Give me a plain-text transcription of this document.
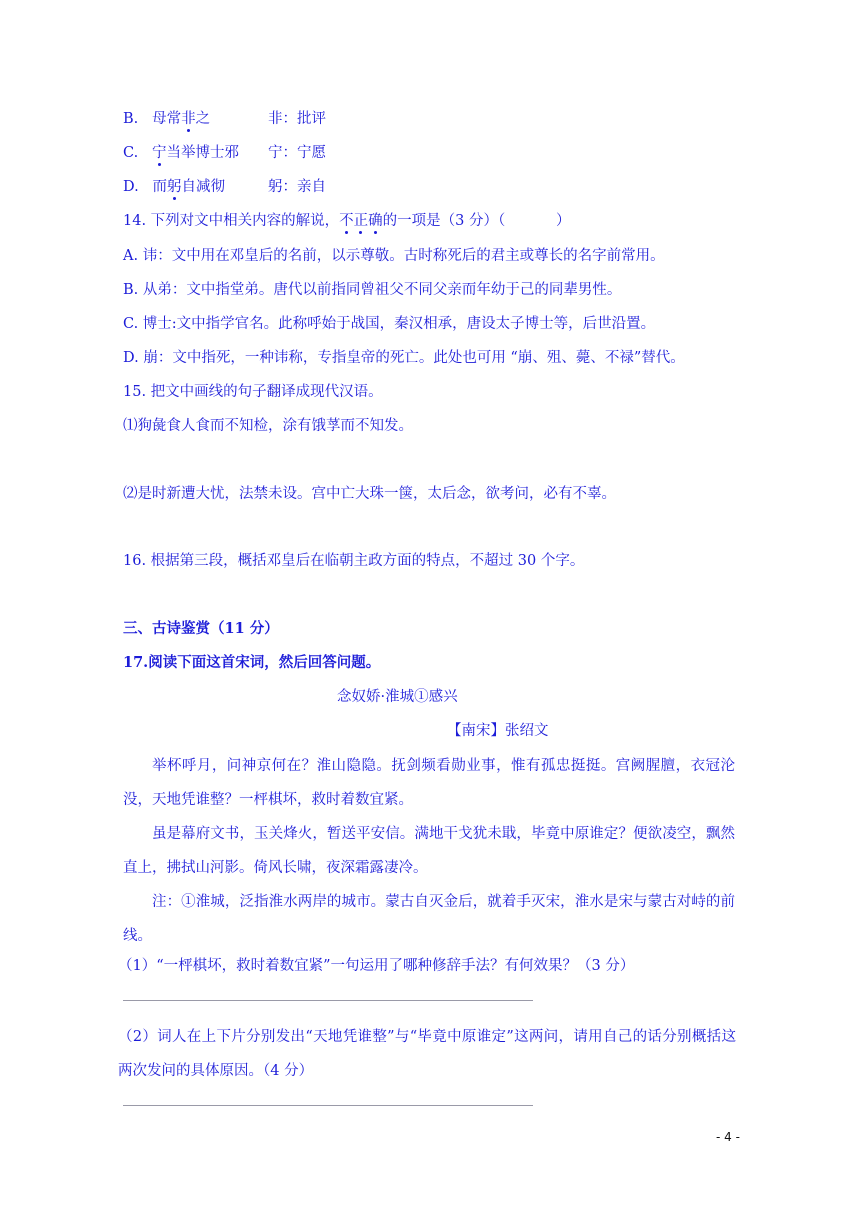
B. 母常非之	非：批评
C. 宁当举博士邪 宁：宁愿
D. 而躬自减彻	躬：亲自
14. 下列对文中相关内容的解说，不正确的一项是（3 分）（           ）
A. 讳：文中用在邓皇后的名前，以示尊敬。古时称死后的君主或尊长的名字前常用。
B. 从弟：文中指堂弟。唐代以前指同曾祖父不同父亲而年幼于己的同辈男性。
C. 博士:文中指学官名。此称呼始于战国，秦汉相承，唐设太子博士等，后世沿置。
D. 崩：文中指死，一种讳称，专指皇帝的死亡。此处也可用 “崩、殂、薨、不禄”替代。
15. 把文中画线的句子翻译成现代汉语。
⑴狗彘食人食而不知检，涂有饿莩而不知发。
⑵是时新遭大忧，法禁未设。宫中亡大珠一箧，太后念，欲考问，必有不辜。
16. 根据第三段，概括邓皇后在临朝主政方面的特点，不超过 30 个字。
三、古诗鉴赏（11 分）
17.阅读下面这首宋词，然后回答问题。
念奴娇·淮城①感兴
【南宋】张绍文
举杯呼月，问神京何在？淮山隐隐。抚剑频看勋业事，惟有孤忠挺挺。宫阙腥膻，衣冠沦没，天地凭谁整？一枰棋坏，救时着数宜紧。
虽是幕府文书，玉关烽火，暂送平安信。满地干戈犹未戢，毕竟中原谁定？便欲凌空，飘然直上，拂拭山河影。倚风长啸，夜深霜露凄冷。
注：①淮城，泛指淮水两岸的城市。蒙古自灭金后，就着手灭宋，淮水是宋与蒙古对峙的前线。
（1）“一枰棋坏，救时着数宜紧”一句运用了哪种修辞手法？有何效果？（3 分）
（2）词人在上下片分别发出“天地凭谁整”与“毕竟中原谁定”这两问，请用自己的话分别概括这两次发问的具体原因。（4 分）
- 4 -
